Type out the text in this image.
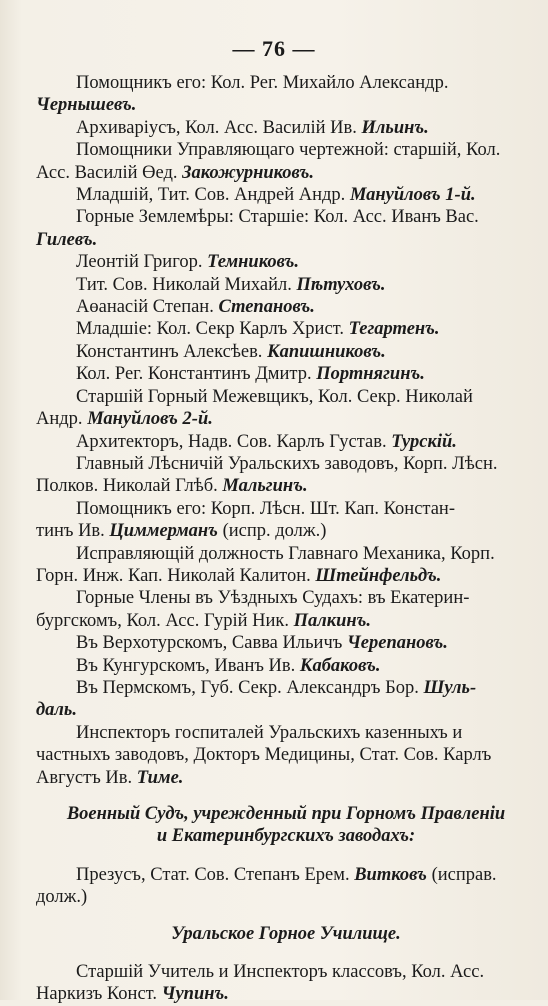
— 76 —
Помощникъ его: Кол. Рег. Михайло Александр.
Чернышевъ.
Архиварiусъ, Кол. Асс. Василiй Ив. Ильинъ.
Помощники Управляющаго чертежной: старшiй, Кол.
Асс. Василiй Өед. Закожурниковъ.
Младшiй, Тит. Сов. Андрей Андр. Мануйловъ 1-й.
Горные Землемѣры: Старшiе: Кол. Асс. Иванъ Вас.
Гилевъ.
Леонтiй Григор. Темниковъ.
Тит. Сов. Николай Михайл. Пѣтуховъ.
Аөанасiй Степан. Степановъ.
Младшiе: Кол. Секр Карлъ Христ. Тегартенъ.
Константинъ Алексѣев. Капишниковъ.
Кол. Рег. Константинъ Дмитр. Портнягинъ.
Старшiй Горный Межевщикъ, Кол. Секр. Николай
Андр. Мануйловъ 2-й.
Архитекторъ, Надв. Сов. Карлъ Густав. Турскiй.
Главный Лѣсничiй Уральскихъ заводовъ, Корп. Лѣсн.
Полков. Николай Глѣб. Мальгинъ.
Помощникъ его: Корп. Лѣсн. Шт. Кап. Констан-
тинъ Ив. Циммерманъ (испр. долж.)
Исправляющiй должность Главнаго Механика, Корп.
Горн. Инж. Кап. Николай Калитон. Штейнфельдъ.
Горные Члены въ Уѣздныхъ Судахъ: въ Екатерин-
бургскомъ, Кол. Асс. Гурiй Ник. Палкинъ.
Въ Верхотурскомъ, Савва Ильичъ Черепановъ.
Въ Кунгурскомъ, Иванъ Ив. Кабаковъ.
Въ Пермскомъ, Губ. Секр. Александръ Бор. Шуль-
даль.
Инспекторъ госпиталей Уральскихъ казенныхъ и
частныхъ заводовъ, Докторъ Медицины, Стат. Сов. Карлъ
Августъ Ив. Тиме.
Военный Судъ, учрежденный при Горномъ Правленiи
и Екатеринбургскихъ заводахъ:
Презусъ, Стат. Сов. Степанъ Ерем. Витковъ (исправ.
долж.)
Уральское Горное Училище.
Старшiй Учитель и Инспекторъ классовъ, Кол. Асс.
Наркизъ Конст. Чупинъ.
